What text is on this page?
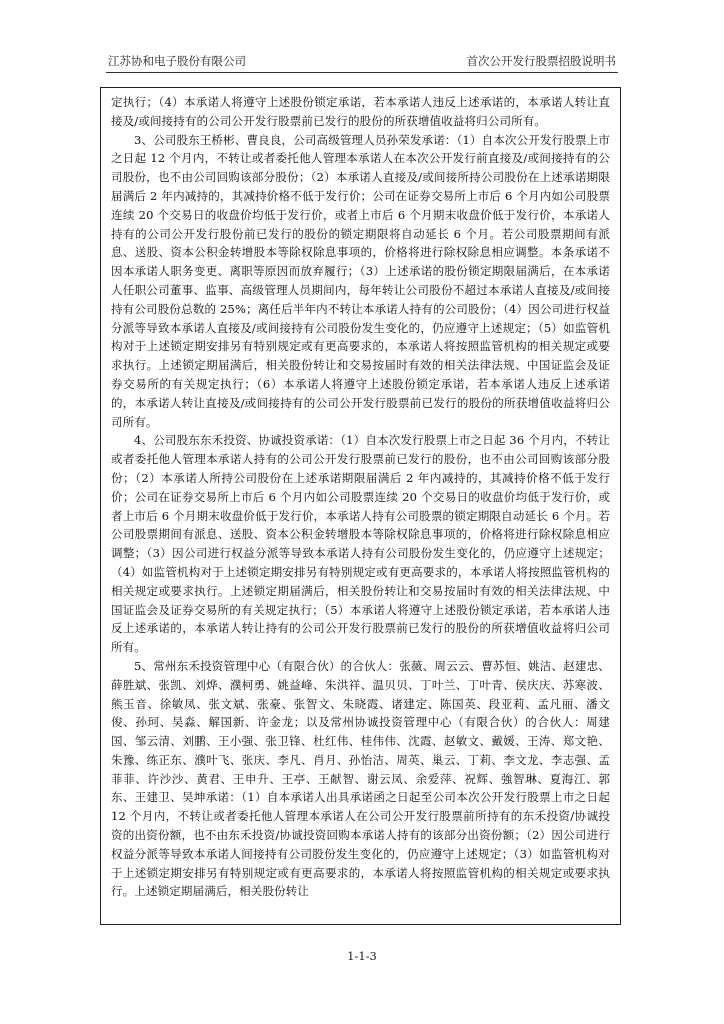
江苏协和电子股份有限公司	首次公开发行股票招股说明书

定执行；（4）本承诺人将遵守上述股份锁定承诺，若本承诺人违反上述承诺的，本承诺人转让直接及/或间接持有的公司公开发行股票前已发行的股份的所获增值收益将归公司所有。

3、公司股东王桥彬、曹良良，公司高级管理人员孙荣发承诺：（1）自本次公开发行股票上市之日起 12 个月内，不转让或者委托他人管理本承诺人在本次公开发行前直接及/或间接持有的公司股份，也不由公司回购该部分股份；（2）本承诺人直接及/或间接所持公司股份在上述承诺期限届满后 2 年内减持的，其减持价格不低于发行价；公司在证券交易所上市后 6 个月内如公司股票连续 20 个交易日的收盘价均低于发行价，或者上市后 6 个月期末收盘价低于发行价，本承诺人持有的公司公开发行股份前已发行的股份的锁定期限将自动延长 6 个月。若公司股票期间有派息、送股、资本公积金转增股本等除权除息事项的，价格将进行除权除息相应调整。本条承诺不因本承诺人职务变更、离职等原因而放弃履行；（3）上述承诺的股份锁定期限届满后，在本承诺人任职公司董事、监事、高级管理人员期间内，每年转让公司股份不超过本承诺人直接及/或间接持有公司股份总数的 25%；离任后半年内不转让本承诺人持有的公司股份；（4）因公司进行权益分派等导致本承诺人直接及/或间接持有公司股份发生变化的，仍应遵守上述规定；（5）如监管机构对于上述锁定期安排另有特别规定或有更高要求的，本承诺人将按照监管机构的相关规定或要求执行。上述锁定期届满后，相关股份转让和交易按届时有效的相关法律法规、中国证监会及证券交易所的有关规定执行；（6）本承诺人将遵守上述股份锁定承诺，若本承诺人违反上述承诺的，本承诺人转让直接及/或间接持有的公司公开发行股票前已发行的股份的所获增值收益将归公司所有。

4、公司股东东禾投资、协诚投资承诺：（1）自本次发行股票上市之日起 36 个月内，不转让或者委托他人管理本承诺人持有的公司公开发行股票前已发行的股份，也不由公司回购该部分股份；（2）本承诺人所持公司股份在上述承诺期限届满后 2 年内减持的，其减持价格不低于发行价；公司在证券交易所上市后 6 个月内如公司股票连续 20 个交易日的收盘价均低于发行价，或者上市后 6 个月期末收盘价低于发行价，本承诺人持有公司股票的锁定期限自动延长 6 个月。若公司股票期间有派息、送股、资本公积金转增股本等除权除息事项的，价格将进行除权除息相应调整；（3）因公司进行权益分派等导致本承诺人持有公司股份发生变化的，仍应遵守上述规定；（4）如监管机构对于上述锁定期安排另有特别规定或有更高要求的，本承诺人将按照监管机构的相关规定或要求执行。上述锁定期届满后，相关股份转让和交易按届时有效的相关法律法规、中国证监会及证券交易所的有关规定执行；（5）本承诺人将遵守上述股份锁定承诺，若本承诺人违反上述承诺的，本承诺人转让持有的公司公开发行股票前已发行的股份的所获增值收益将归公司所有。

5、常州东禾投资管理中心（有限合伙）的合伙人：张薇、周云云、曹苏恒、姚洁、赵建忠、薛胜斌、张凯、刘烨、濮柯勇、姚益峰、朱洪祥、温贝贝、丁叶兰、丁叶青、侯庆庆、苏寒波、熊玉音、徐敏凤、张文斌、张豪、张智文、朱晓霞、诸建定、陈国英、段亚莉、孟凡丽、潘文俊、孙珂、吴淼、解国新、许金龙；以及常州协诚投资管理中心（有限合伙）的合伙人：周建国、邹云清、刘鹏、王小强、张卫锋、杜红伟、桂伟伟、沈霞、赵敏文、戴媛、王涛、郑文艳、朱豫、练正东、濮叶飞、张庆、李凡、肖月、孙怡洁、周英、巢云、丁莉、李文龙、李志强、孟菲菲、许沙沙、黄君、王申升、王亭、王献智、谢云凤、余爱萍、祝辉、強智琳、夏海江、郭东、王建卫、吴坤承诺：（1）自本承诺人出具承诺函之日起至公司本次公开发行股票上市之日起 12 个月内，不转让或者委托他人管理本承诺人在公司公开发行股票前所持有的东禾投资/协诚投资的出资份额，也不由东禾投资/协诚投资回购本承诺人持有的该部分出资份额；（2）因公司进行权益分派等导致本承诺人间接持有公司股份发生变化的，仍应遵守上述规定；（3）如监管机构对于上述锁定期安排另有特别规定或有更高要求的，本承诺人将按照监管机构的相关规定或要求执行。上述锁定期届满后，相关股份转让

1-1-3
